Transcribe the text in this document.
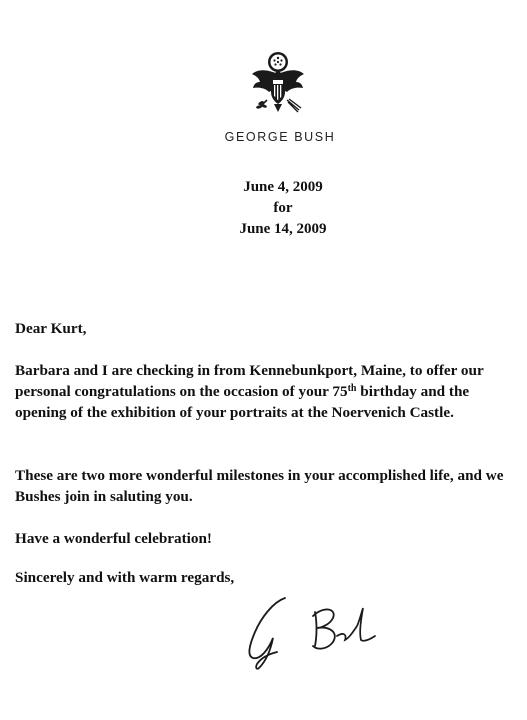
GEORGE BUSH
June 4, 2009
for
June 14, 2009
Dear Kurt,

Barbara and I are checking in from Kennebunkport, Maine, to offer our personal congratulations on the occasion of your 75th birthday and the opening of the exhibition of your portraits at the Noervenich Castle.

These are two more wonderful milestones in your accomplished life, and we Bushes join in saluting you.

Have a wonderful celebration!
Sincerely and with warm regards,
